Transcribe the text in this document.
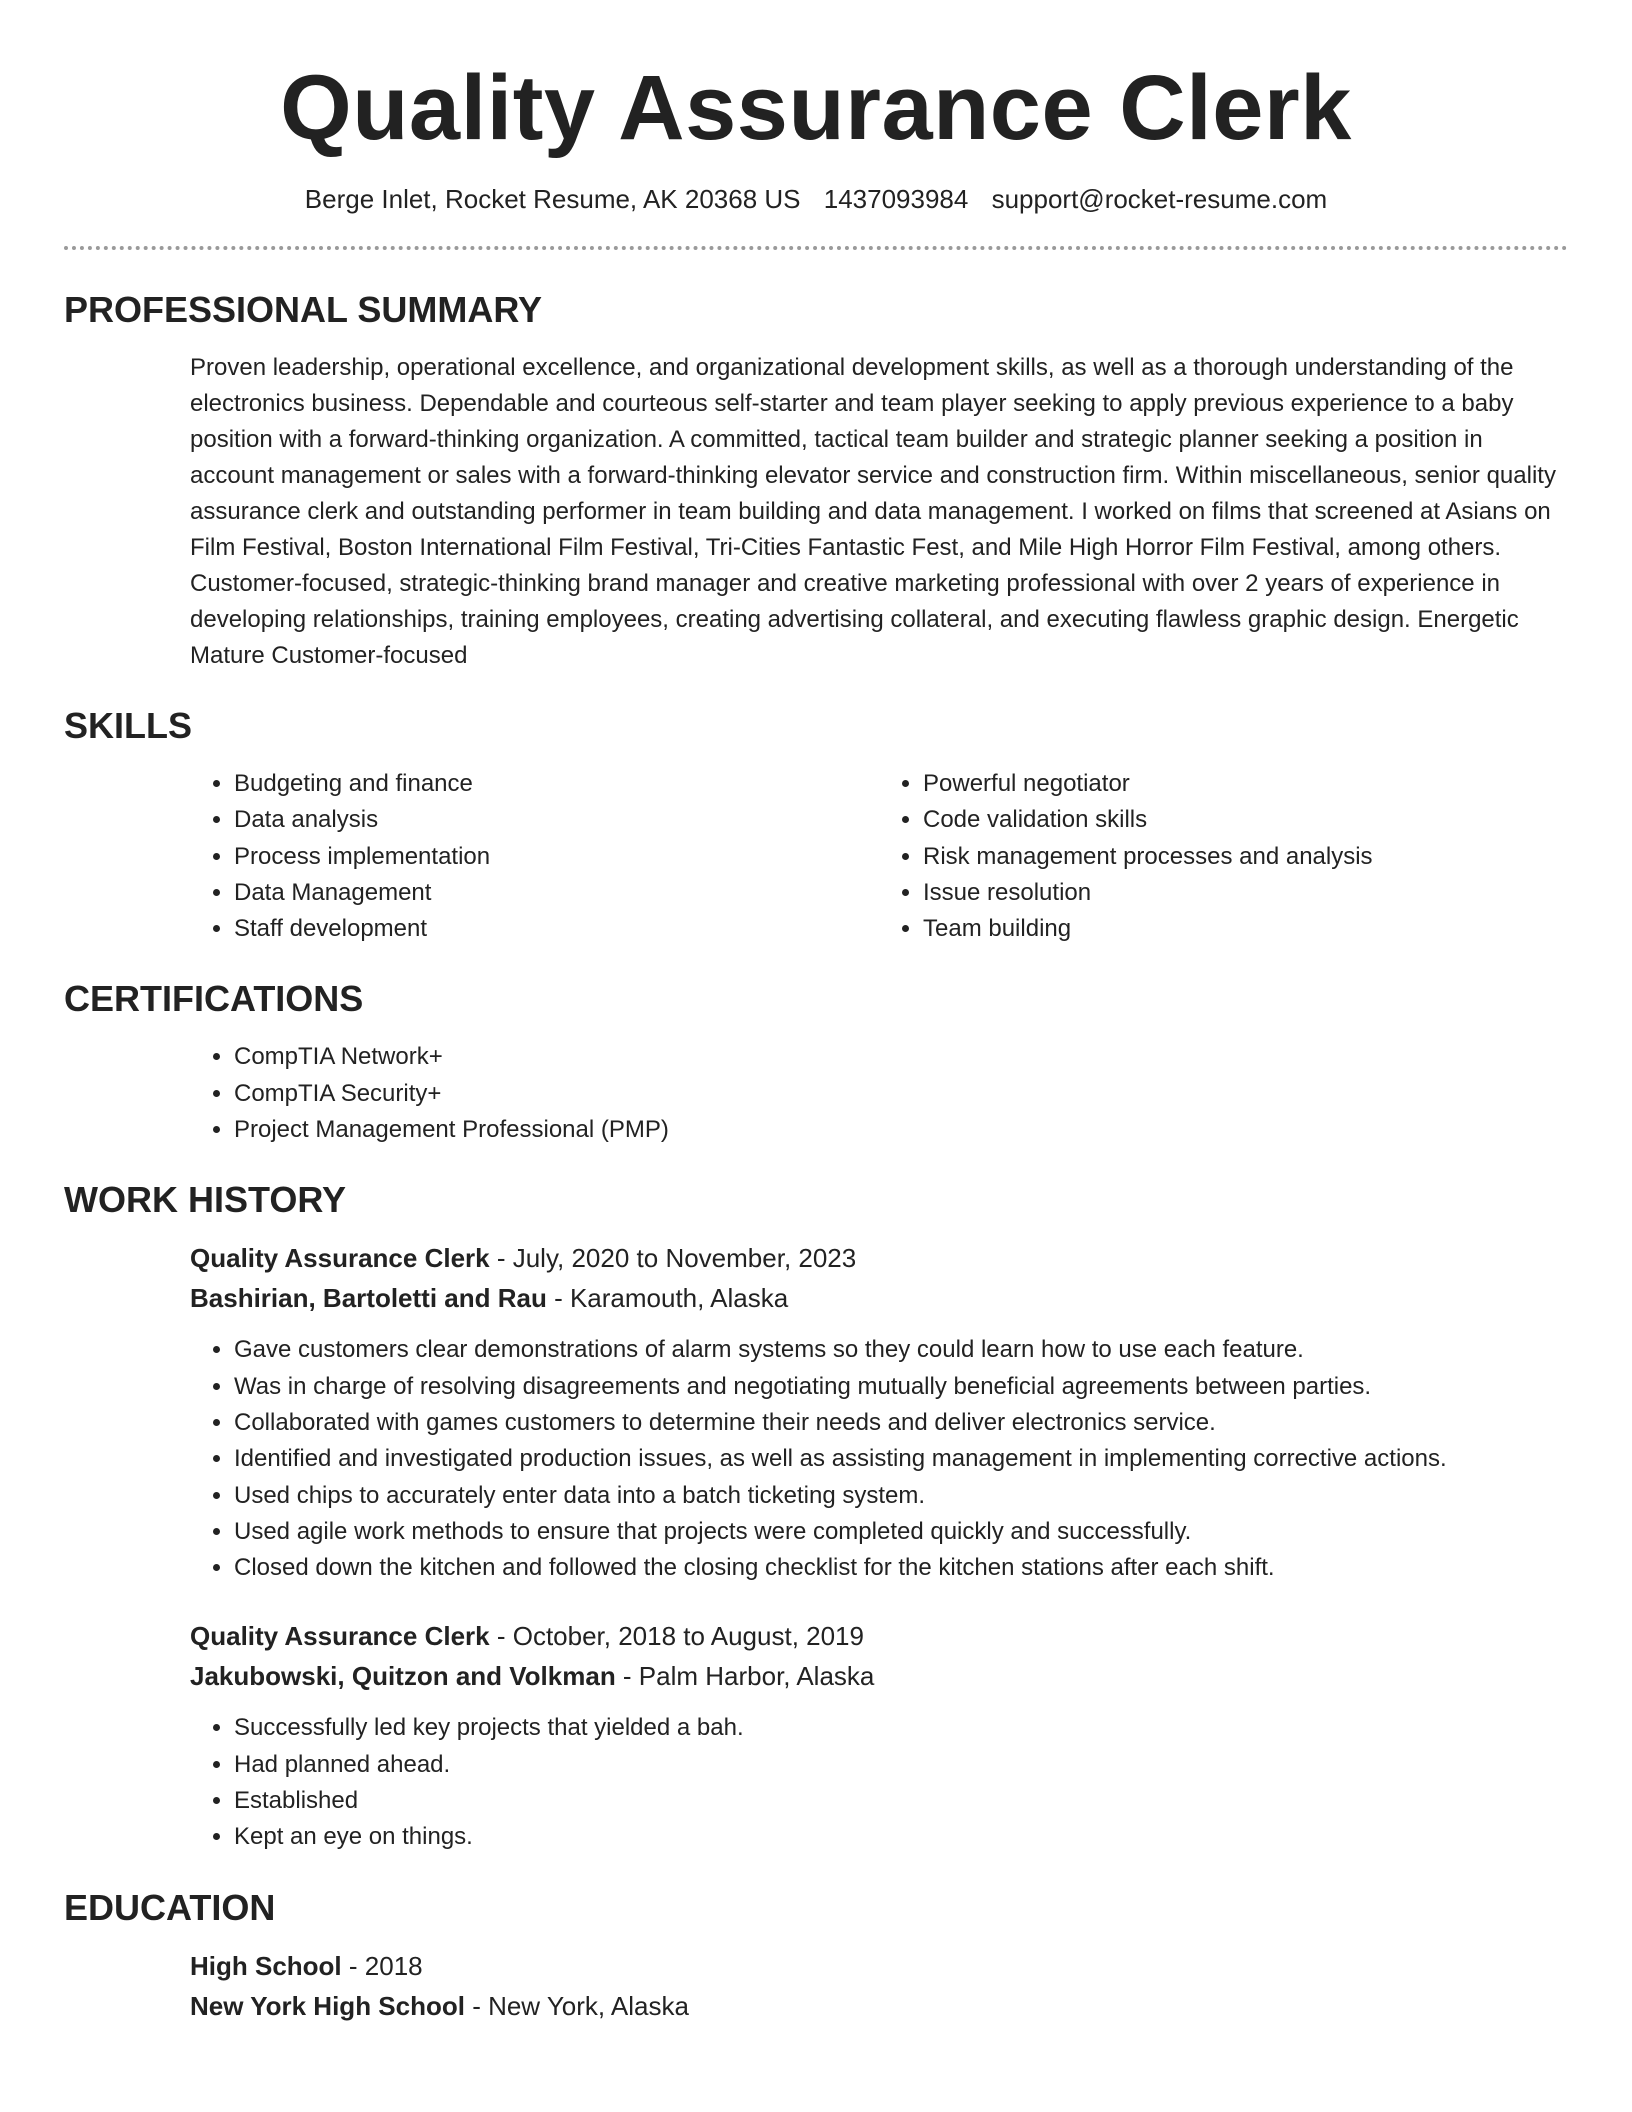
Quality Assurance Clerk
Berge Inlet, Rocket Resume, AK 20368 US 1437093984 support@rocket-resume.com
PROFESSIONAL SUMMARY

Proven leadership, operational excellence, and organizational development skills, as well as a thorough understanding of the electronics business. Dependable and courteous self-starter and team player seeking to apply previous experience to a baby position with a forward-thinking organization. A committed, tactical team builder and strategic planner seeking a position in account management or sales with a forward-thinking elevator service and construction firm. Within miscellaneous, senior quality assurance clerk and outstanding performer in team building and data management. I worked on films that screened at Asians on Film Festival, Boston International Film Festival, Tri-Cities Fantastic Fest, and Mile High Horror Film Festival, among others. Customer-focused, strategic-thinking brand manager and creative marketing professional with over 2 years of experience in developing relationships, training employees, creating advertising collateral, and executing flawless graphic design. Energetic Mature Customer-focused

SKILLS
• Budgeting and finance
• Data analysis
• Process implementation
• Data Management
• Staff development
• Powerful negotiator
• Code validation skills
• Risk management processes and analysis
• Issue resolution
• Team building
CERTIFICATIONS
• CompTIA Network+
• CompTIA Security+
• Project Management Professional (PMP)
WORK HISTORY
Quality Assurance Clerk - July, 2020 to November, 2023
Bashirian, Bartoletti and Rau - Karamouth, Alaska
• Gave customers clear demonstrations of alarm systems so they could learn how to use each feature.
• Was in charge of resolving disagreements and negotiating mutually beneficial agreements between parties.
• Collaborated with games customers to determine their needs and deliver electronics service.
• Identified and investigated production issues, as well as assisting management in implementing corrective actions.
• Used chips to accurately enter data into a batch ticketing system.
• Used agile work methods to ensure that projects were completed quickly and successfully.
• Closed down the kitchen and followed the closing checklist for the kitchen stations after each shift.
Quality Assurance Clerk - October, 2018 to August, 2019
Jakubowski, Quitzon and Volkman - Palm Harbor, Alaska
• Successfully led key projects that yielded a bah.
• Had planned ahead.
• Established
• Kept an eye on things.
EDUCATION
High School - 2018
New York High School - New York, Alaska
